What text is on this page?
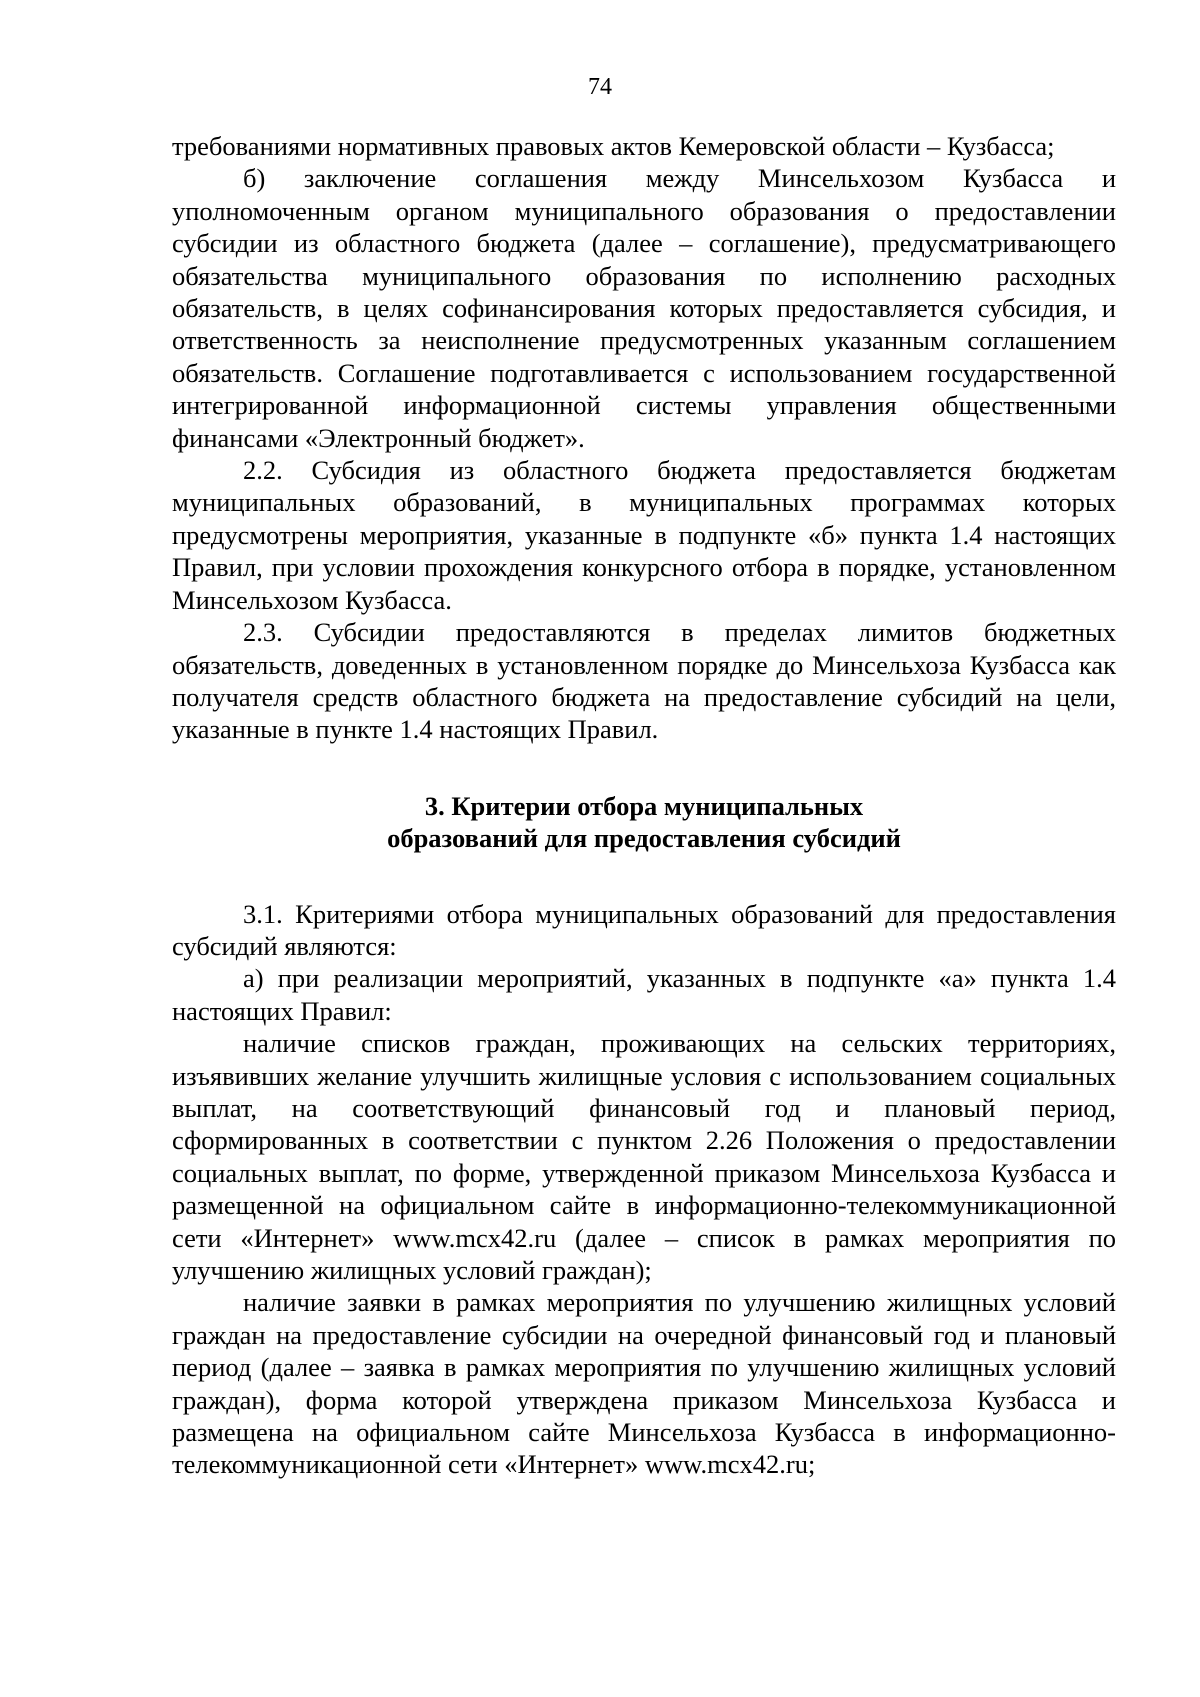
74

требованиями нормативных правовых актов Кемеровской области – Кузбасса;

б) заключение соглашения между Минсельхозом Кузбасса и уполномоченным органом муниципального образования о предоставлении субсидии из областного бюджета (далее – соглашение), предусматривающего обязательства муниципального образования по исполнению расходных обязательств, в целях софинансирования которых предоставляется субсидия, и ответственность за неисполнение предусмотренных указанным соглашением обязательств. Соглашение подготавливается с использованием государственной интегрированной информационной системы управления общественными финансами «Электронный бюджет».

2.2. Субсидия из областного бюджета предоставляется бюджетам муниципальных образований, в муниципальных программах которых предусмотрены мероприятия, указанные в подпункте «б» пункта 1.4 настоящих Правил, при условии прохождения конкурсного отбора в порядке, установленном Минсельхозом Кузбасса.

2.3. Субсидии предоставляются в пределах лимитов бюджетных обязательств, доведенных в установленном порядке до Минсельхоза Кузбасса как получателя средств областного бюджета на предоставление субсидий на цели, указанные в пункте 1.4 настоящих Правил.

3. Критерии отбора муниципальных
образований для предоставления субсидий

3.1. Критериями отбора муниципальных образований для предоставления субсидий являются:

а) при реализации мероприятий, указанных в подпункте «а» пункта 1.4 настоящих Правил:

наличие списков граждан, проживающих на сельских территориях, изъявивших желание улучшить жилищные условия с использованием социальных выплат, на соответствующий финансовый год и плановый период, сформированных в соответствии с пунктом 2.26 Положения о предоставлении социальных выплат, по форме, утвержденной приказом Минсельхоза Кузбасса и размещенной на официальном сайте в информационно-телекоммуникационной сети «Интернет» www.mcx42.ru (далее – список в рамках мероприятия по улучшению жилищных условий граждан);

наличие заявки в рамках мероприятия по улучшению жилищных условий граждан на предоставление субсидии на очередной финансовый год и плановый период (далее – заявка в рамках мероприятия по улучшению жилищных условий граждан), форма которой утверждена приказом Минсельхоза Кузбасса и размещена на официальном сайте Минсельхоза Кузбасса в информационно-телекоммуникационной сети «Интернет» www.mcx42.ru;
